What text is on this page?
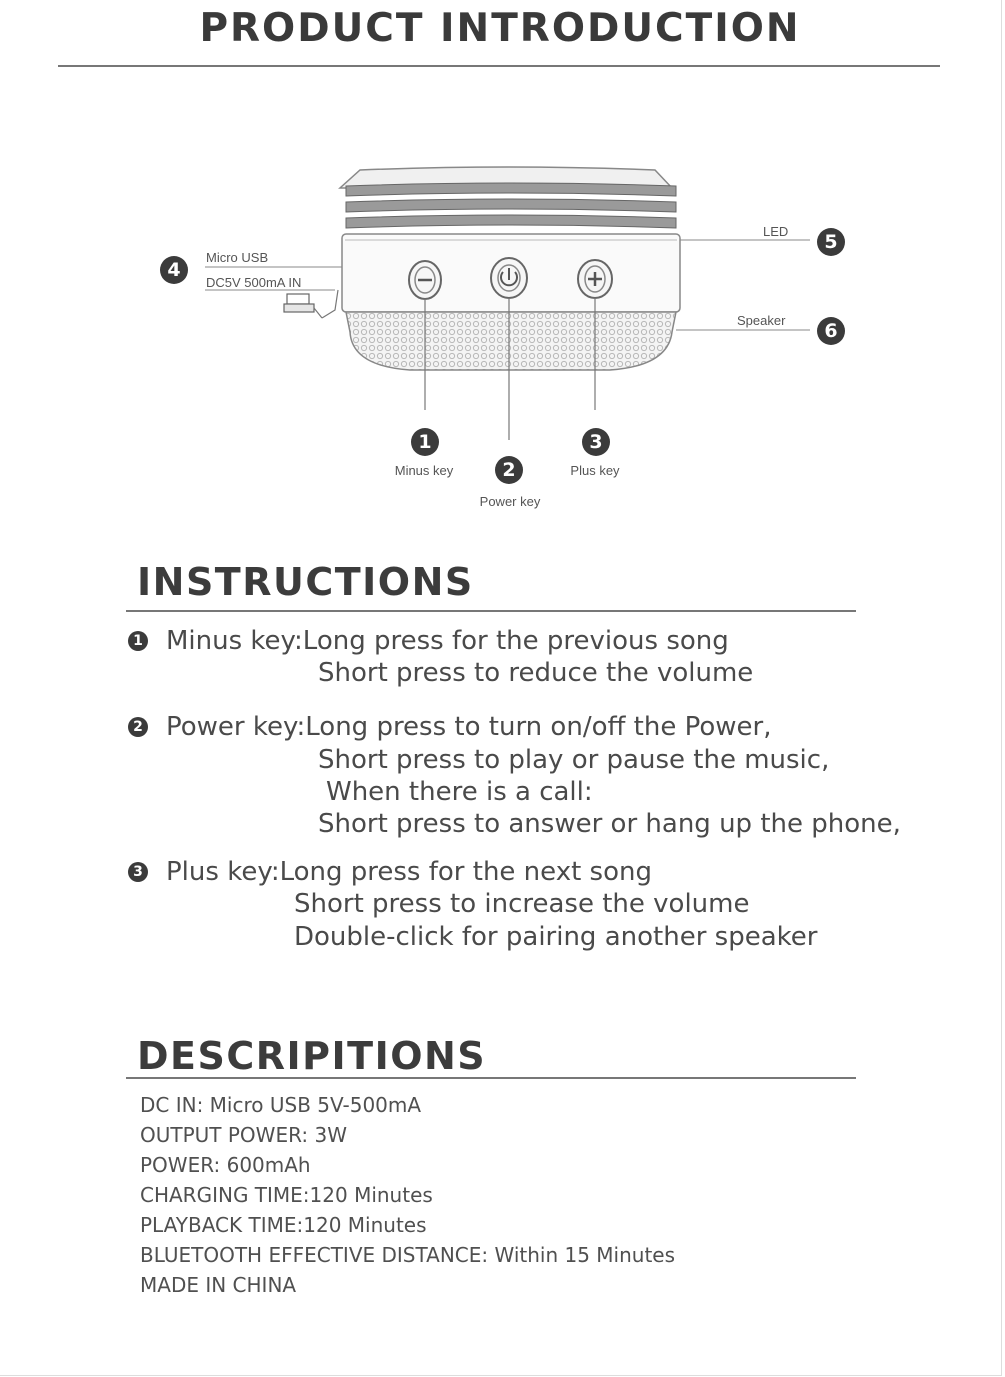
PRODUCT INTRODUCTION
Micro USB
DC5V 500mA IN
LED
Speaker
Minus key
Power key
Plus key
1
2
3
4
5
6
INSTRUCTIONS
1 Minus key:Long press for the previous song
Short press to reduce the volume
2 Power key:Long press to turn on/off the Power,
Short press to play or pause the music,
When there is a call:
Short press to answer or hang up the phone,
3 Plus key:Long press for the next song
Short press to increase the volume
Double-click for pairing another speaker
DESCRIPITIONS
DC IN: Micro USB 5V-500mA
OUTPUT POWER: 3W
POWER: 600mAh
CHARGING TIME:120 Minutes
PLAYBACK TIME:120 Minutes
BLUETOOTH EFFECTIVE DISTANCE: Within 15 Minutes
MADE IN CHINA
